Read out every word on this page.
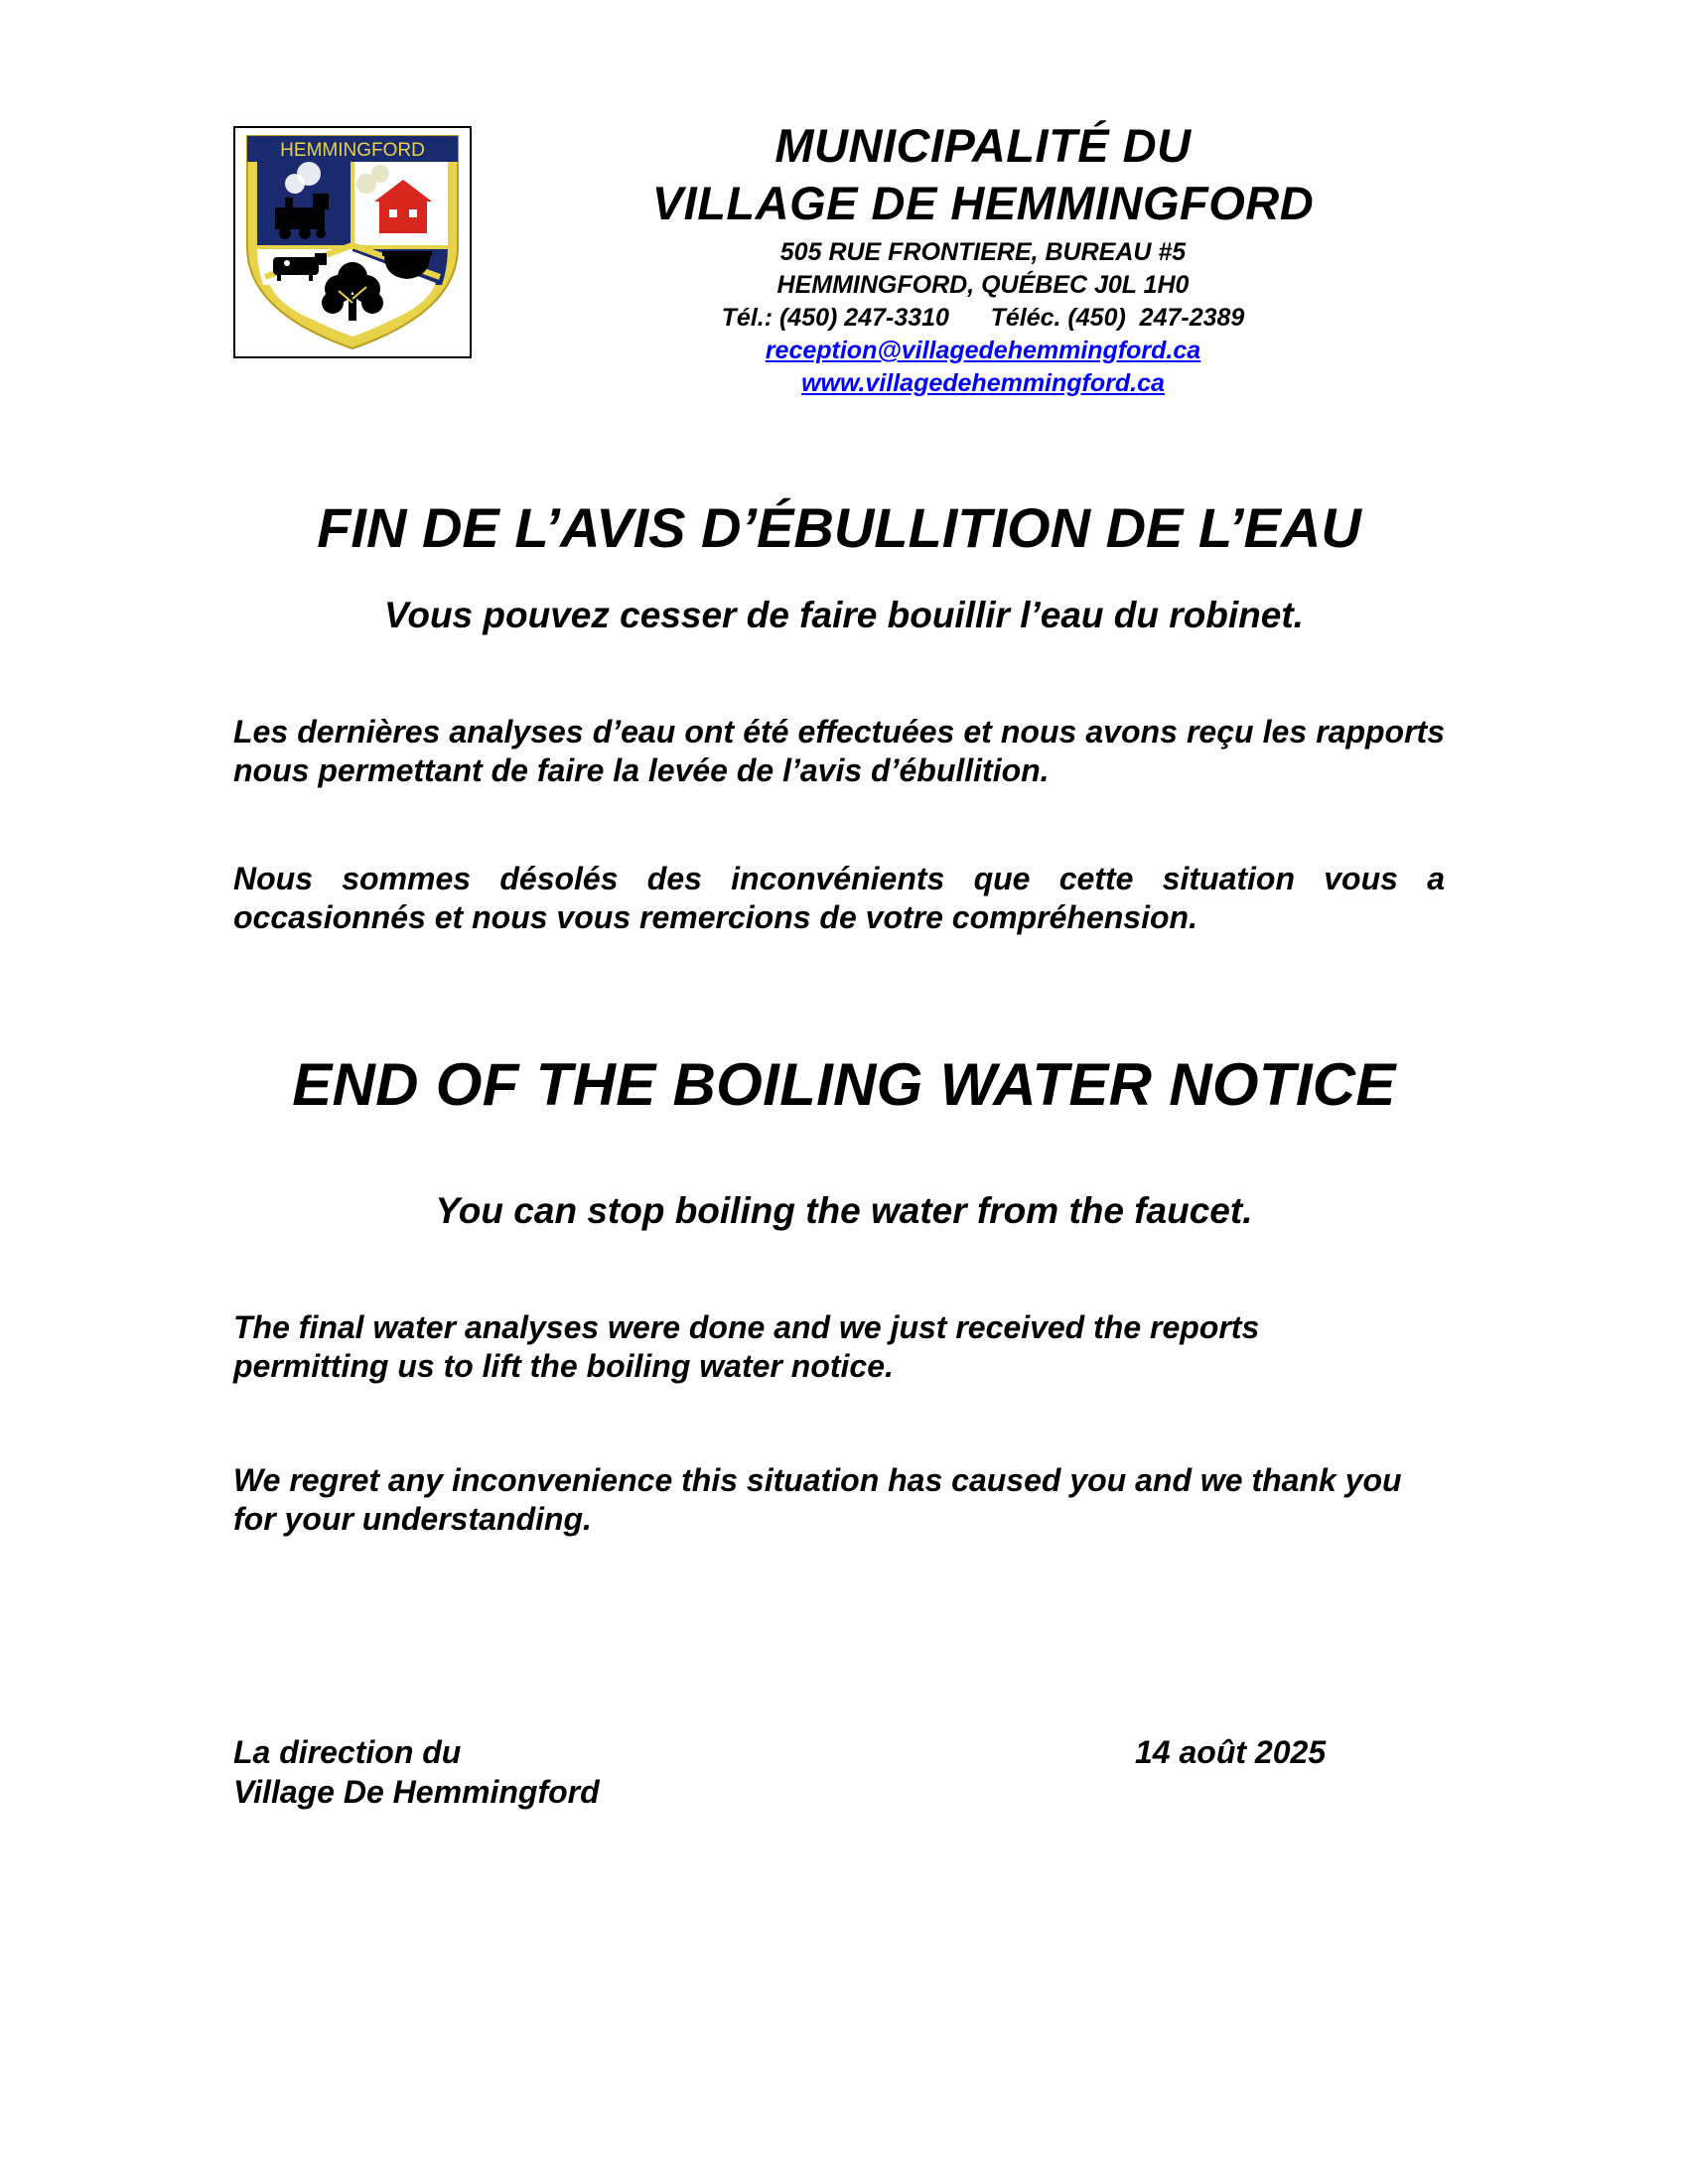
HEMMINGFORD	MUNICIPALITÉ DU
VILLAGE DE HEMMINGFORD
505 RUE FRONTIERE, BUREAU #5
HEMMINGFORD, QUÉBEC J0L 1H0
Tél.: (450) 247-3310      Téléc. (450)  247-2389
reception@villagedehemmingford.ca
www.villagedehemmingford.ca
FIN DE L’AVIS D’ÉBULLITION DE L’EAU
Vous pouvez cesser de faire bouillir l’eau du robinet.
Les dernières analyses d’eau ont été effectuées et nous avons reçu les rapports nous permettant de faire la levée de l’avis d’ébullition.
Nous sommes désolés des inconvénients que cette situation vous a occasionnés et nous vous remercions de votre compréhension.
END OF THE BOILING WATER NOTICE
You can stop boiling the water from the faucet.
The final water analyses were done and we just received the reports
permitting us to lift the boiling water notice.
We regret any inconvenience this situation has caused you and we thank you
for your understanding.
La direction du
Village De Hemmingford
14 août 2025
